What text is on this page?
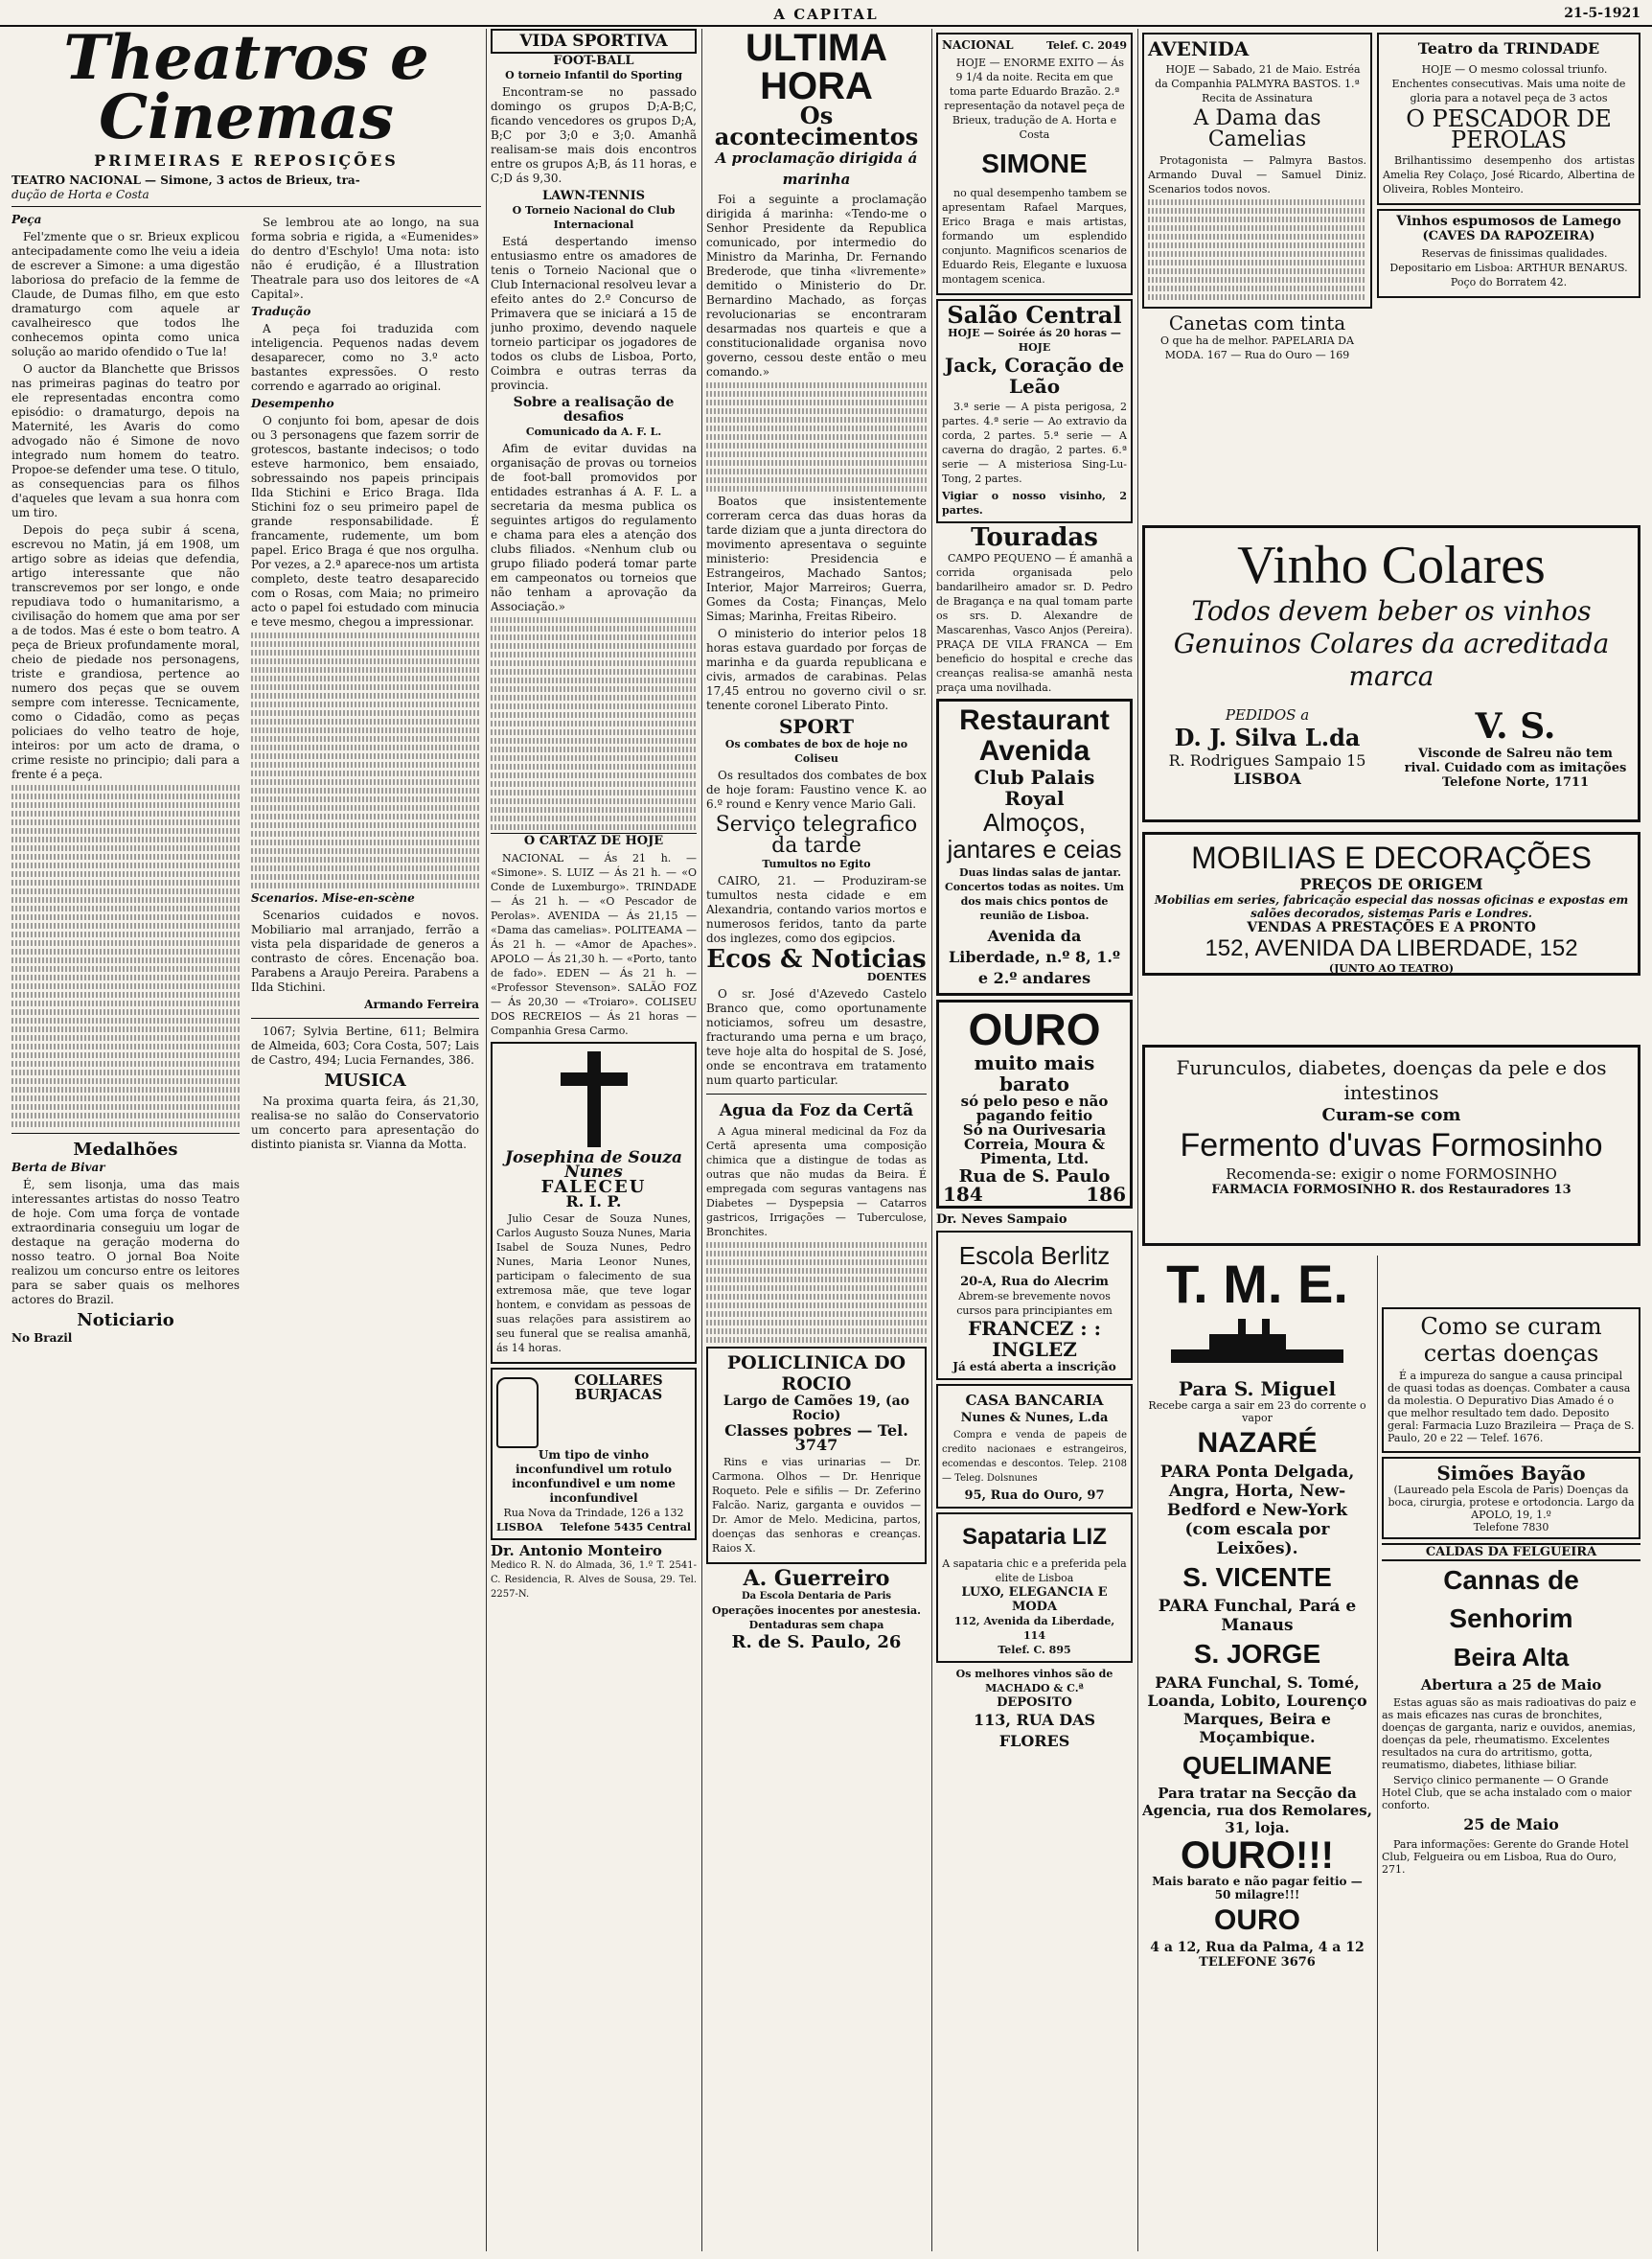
A CAPITAL	21-5-1921
Theatros e Cinemas
PRIMEIRAS E REPOSIÇÕES
TEATRO NACIONAL — Simone, 3 actos de Brieux, tra-
dução de Horta e Costa
Peça

Fel'zmente que o sr. Brieux explicou antecipadamente como lhe veiu a ideia de escrever a Simone: a uma digestão laboriosa do prefacio de la femme de Claude, de Dumas filho, em que esto dramaturgo com aquele ar cavalheiresco que todos lhe conhecemos opinta como unica solução ao marido ofendido o Tue la!

O auctor da Blanchette que Brissos nas primeiras paginas do teatro por ele representadas encontra como episódio: o dramaturgo, depois na Maternité, les Avaris do como advogado não é Simone de novo integrado num homem do teatro. Propoe-se defender uma tese. O titulo, as consequencias para os filhos d'aqueles que levam a sua honra com um tiro.

Depois do peça subir á scena, escrevou no Matin, já em 1908, um artigo sobre as ideias que defendia, artigo interessante que não transcrevemos por ser longo, e onde repudiava todo o humanitarismo, a civilisação do homem que ama por ser a de todos. Mas é este o bom teatro. A peça de Brieux profundamente moral, cheio de piedade nos personagens, triste e grandiosa, pertence ao numero dos peças que se ouvem sempre com interesse. Tecnicamente, como o Cidadão, como as peças policiaes do velho teatro de hoje, inteiros: por um acto de drama, o crime resiste no principio; dali para a frente é a peça.

Medalhões
Berta de Bivar

É, sem lisonja, uma das mais interessantes artistas do nosso Teatro de hoje. Com uma força de vontade extraordinaria conseguiu um logar de destaque na geração moderna do nosso teatro. O jornal Boa Noite realizou um concurso entre os leitores para se saber quais os melhores actores do Brazil.

Noticiario
No Brazil

Se lembrou ate ao longo, na sua forma sobria e rigida, a «Eumenides» do dentro d'Eschylo! Uma nota: isto não é erudição, é a Illustration Theatrale para uso dos leitores de «A Capital».

Tradução

A peça foi traduzida com inteligencia. Pequenos nadas devem desaparecer, como no 3.º acto bastantes expressões. O resto correndo e agarrado ao original.

Desempenho

O conjunto foi bom, apesar de dois ou 3 personagens que fazem sorrir de grotescos, bastante indecisos; o todo esteve harmonico, bem ensaiado, sobressaindo nos papeis principais Ilda Stichini e Erico Braga. Ilda Stichini foz o seu primeiro papel de grande responsabilidade. É francamente, rudemente, um bom papel. Erico Braga é que nos orgulha. Por vezes, a 2.ª aparece-nos um artista completo, deste teatro desaparecido com o Rosas, com Maia; no primeiro acto o papel foi estudado com minucia e teve mesmo, chegou a impressionar.

Scenarios. Mise-en-scène

Scenarios cuidados e novos. Mobiliario mal arranjado, ferrão a vista pela disparidade de generos a contrasto de côres. Encenação boa. Parabens a Araujo Pereira. Parabens a Ilda Stichini.

Armando Ferreira

1067; Sylvia Bertine, 611; Belmira de Almeida, 603; Cora Costa, 507; Lais de Castro, 494; Lucia Fernandes, 386.

MUSICA

Na proxima quarta feira, ás 21,30, realisa-se no salão do Conservatorio um concerto para apresentação do distinto pianista sr. Vianna da Motta.

VIDA SPORTIVA
FOOT-BALL
O torneio Infantil do Sporting

Encontram-se no passado domingo os grupos D;A-B;C, ficando vencedores os grupos D;A, B;C por 3;0 e 3;0. Amanhã realisam-se mais dois encontros entre os grupos A;B, ás 11 horas, e C;D ás 9,30.

LAWN-TENNIS
O Torneio Nacional do Club Internacional

Está despertando imenso entusiasmo entre os amadores de tenis o Torneio Nacional que o Club Internacional resolveu levar a efeito antes do 2.º Concurso de Primavera que se iniciará a 15 de junho proximo, devendo naquele torneio participar os jogadores de todos os clubs de Lisboa, Porto, Coimbra e outras terras da provincia.

Sobre a realisação de desafios
Comunicado da A. F. L.

Afim de evitar duvidas na organisação de provas ou torneios de foot-ball promovidos por entidades estranhas á A. F. L. a secretaria da mesma publica os seguintes artigos do regulamento e chama para eles a atenção dos clubs filiados. «Nenhum club ou grupo filiado poderá tomar parte em campeonatos ou torneios que não tenham a aprovação da Associação.»

O CARTAZ DE HOJE

NACIONAL — Ás 21 h. — «Simone». S. LUIZ — Ás 21 h. — «O Conde de Luxemburgo». TRINDADE — Ás 21 h. — «O Pescador de Perolas». AVENIDA — Ás 21,15 — «Dama das camelias». POLITEAMA — Ás 21 h. — «Amor de Apaches». APOLO — Ás 21,30 h. — «Porto, tanto de fado». EDEN — Ás 21 h. — «Professor Stevenson». SALÃO FOZ — Ás 20,30 — «Troiaro». COLISEU DOS RECREIOS — Ás 21 horas — Companhia Gresa Carmo.

Josephina de Souza Nunes
FALECEU
R. I. P.

Julio Cesar de Souza Nunes, Carlos Augusto Souza Nunes, Maria Isabel de Souza Nunes, Pedro Nunes, Maria Leonor Nunes, participam o falecimento de sua extremosa mãe, que teve logar hontem, e convidam as pessoas de suas relações para assistirem ao seu funeral que se realisa amanhã, ás 14 horas.

COLLARES BURJACAS
Um tipo de vinho inconfundivel um rotulo inconfundivel e um nome inconfundivel
Rua Nova da Trindade, 126 a 132
LISBOA Telefone 5435 Central
Dr. Antonio Monteiro
Medico R. N. do Almada, 36, 1.º T. 2541-C. Residencia, R. Alves de Sousa, 29. Tel. 2257-N.
ULTIMA HORA
Os acontecimentos
A proclamação dirigida á marinha

Foi a seguinte a proclamação dirigida á marinha: «Tendo-me o Senhor Presidente da Republica comunicado, por intermedio do Ministro da Marinha, Dr. Fernando Brederode, que tinha «livremente» demitido o Ministerio do Dr. Bernardino Machado, as forças revolucionarias se encontraram desarmadas nos quarteis e que a constitucionalidade organisa novo governo, cessou deste então o meu comando.»

Boatos que insistentemente correram cerca das duas horas da tarde diziam que a junta directora do movimento apresentava o seguinte ministerio: Presidencia e Estrangeiros, Machado Santos; Interior, Major Marreiros; Guerra, Gomes da Costa; Finanças, Melo Simas; Marinha, Freitas Ribeiro.

O ministerio do interior pelos 18 horas estava guardado por forças de marinha e da guarda republicana e civis, armados de carabinas. Pelas 17,45 entrou no governo civil o sr. tenente coronel Liberato Pinto.

SPORT
Os combates de box de hoje no Coliseu

Os resultados dos combates de box de hoje foram: Faustino vence K. ao 6.º round e Kenry vence Mario Gali.

Serviço telegrafico da tarde
Tumultos no Egito

CAIRO, 21. — Produziram-se tumultos nesta cidade e em Alexandria, contando varios mortos e numerosos feridos, tanto da parte dos inglezes, como dos egipcios.

Ecos & Noticias
DOENTES

O sr. José d'Azevedo Castelo Branco que, como oportunamente noticiamos, sofreu um desastre, fracturando uma perna e um braço, teve hoje alta do hospital de S. José, onde se encontrava em tratamento num quarto particular.

Agua da Foz da Certã

A Agua mineral medicinal da Foz da Certã apresenta uma composição chimica que a distingue de todas as outras que não mudas da Beira. É empregada com seguras vantagens nas Diabetes — Dyspepsia — Catarros gastricos, Irrigações — Tuberculose, Bronchites.

POLICLINICA DO ROCIO
Largo de Camões 19, (ao Rocio)
Classes pobres — Tel. 3747

Rins e vias urinarias — Dr. Carmona. Olhos — Dr. Henrique Roqueto. Pele e sifilis — Dr. Zeferino Falcão. Nariz, garganta e ouvidos — Dr. Amor de Melo. Medicina, partos, doenças das senhoras e creanças. Raios X.

A. Guerreiro
Da Escola Dentaria de Paris
Operações inocentes por anestesia. Dentaduras sem chapa
R. de S. Paulo, 26
NACIONAL	Telef. C. 2049

HOJE — ENORME EXITO — Ás 9 1/4 da noite. Recita em que toma parte Eduardo Brazão. 2.ª representação da notavel peça de Brieux, tradução de A. Horta e Costa

SIMONE

no qual desempenho tambem se apresentam Rafael Marques, Erico Braga e mais artistas, formando um esplendido conjunto. Magnificos scenarios de Eduardo Reis, Elegante e luxuosa montagem scenica.

Salão Central
HOJE — Soirée ás 20 horas — HOJE
Jack, Coração de Leão

3.ª serie — A pista perigosa, 2 partes. 4.ª serie — Ao extravio da corda, 2 partes. 5.ª serie — A caverna do dragão, 2 partes. 6.ª serie — A misteriosa Sing-Lu-Tong, 2 partes.

Vigiar o nosso visinho, 2 partes.
Touradas

CAMPO PEQUENO — É amanhã a corrida organisada pelo bandarilheiro amador sr. D. Pedro de Bragança e na qual tomam parte os srs. D. Alexandre de Mascarenhas, Vasco Anjos (Pereira). PRAÇA DE VILA FRANCA — Em beneficio do hospital e creche das creanças realisa-se amanhã nesta praça uma novilhada.

Restaurant Avenida
Club Palais Royal
Almoços, jantares e ceias

Duas lindas salas de jantar. Concertos todas as noites. Um dos mais chics pontos de reunião de Lisboa.

Avenida da Liberdade, n.º 8, 1.º e 2.º andares
OURO
muito mais barato
só pelo peso e não pagando feitio
Só na Ourivesaria Correia, Moura & Pimenta, Ltd.
Rua de S. Paulo
184	186
Dr. Neves Sampaio
Escola Berlitz
20-A, Rua do Alecrim
Abrem-se brevemente novos cursos para principiantes em
FRANCEZ : : INGLEZ
Já está aberta a inscrição
CASA BANCARIA
Nunes & Nunes, L.da

Compra e venda de papeis de credito nacionaes e estrangeiros, ecomendas e descontos. Telep. 2108 — Teleg. Dolsnunes

95, Rua do Ouro, 97
Sapataria LIZ
A sapataria chic e a preferida pela elite de Lisboa
LUXO, ELEGANCIA E MODA
112, Avenida da Liberdade, 114
Telef. C. 895
Os melhores vinhos são de MACHADO & C.ª
DEPOSITO
113, RUA DAS FLORES
AVENIDA

HOJE — Sabado, 21 de Maio. Estréa da Companhia PALMYRA BASTOS. 1.ª Recita de Assinatura

A Dama das Camelias

Protagonista — Palmyra Bastos. Armando Duval — Samuel Diniz. Scenarios todos novos.

Canetas com tinta
O que ha de melhor. PAPELARIA DA MODA. 167 — Rua do Ouro — 169
Teatro da TRINDADE

HOJE — O mesmo colossal triunfo. Enchentes consecutivas. Mais uma noite de gloria para a notavel peça de 3 actos

O PESCADOR DE PEROLAS

Brilhantissimo desempenho dos artistas Amelia Rey Colaço, José Ricardo, Albertina de Oliveira, Robles Monteiro.

Vinhos espumosos de Lamego
(CAVES DA RAPOZEIRA)

Reservas de finissimas qualidades. Depositario em Lisboa: ARTHUR BENARUS. Poço do Borratem 42.

Vinho Colares
Todos devem beber os vinhos Genuinos Colares da acreditada marca
PEDIDOS a
D. J. Silva L.da
R. Rodrigues Sampaio 15
LISBOA
V. S.
Visconde de Salreu não tem rival. Cuidado com as imitações
Telefone Norte, 1711
MOBILIAS E DECORAÇÕES
PREÇOS DE ORIGEM
Mobilias em series, fabricação especial das nossas oficinas e expostas em salões decorados, sistemas Paris e Londres.
VENDAS A PRESTAÇÕES E A PRONTO
152, AVENIDA DA LIBERDADE, 152
(JUNTO AO TEATRO)
Furunculos, diabetes, doenças da pele e dos intestinos
Curam-se com
Fermento d'uvas Formosinho
Recomenda-se: exigir o nome FORMOSINHO
FARMACIA FORMOSINHO R. dos Restauradores 13
T. M. E.
Para S. Miguel
Recebe carga a sair em 23 do corrente o vapor
NAZARÉ
PARA Ponta Delgada, Angra, Horta, New-Bedford e New-York (com escala por Leixões).
S. VICENTE
PARA Funchal, Pará e Manaus
S. JORGE
PARA Funchal, S. Tomé, Loanda, Lobito, Lourenço Marques, Beira e Moçambique.
QUELIMANE
Para tratar na Secção da Agencia, rua dos Remolares, 31, loja.
OURO!!!
Mais barato e não pagar feitio — 50 milagre!!!
OURO
4 a 12, Rua da Palma, 4 a 12
TELEFONE 3676
Como se curam certas doenças

É a impureza do sangue a causa principal de quasi todas as doenças. Combater a causa da molestia. O Depurativo Dias Amado é o que melhor resultado tem dado. Deposito geral: Farmacia Luzo Brazileira — Praça de S. Paulo, 20 e 22 — Telef. 1676.

Simões Bayão
(Laureado pela Escola de Paris) Doenças da boca, cirurgia, protese e ortodoncia. Largo da APOLO, 19, 1.º
Telefone 7830
CALDAS DA FELGUEIRA
Cannas de Senhorim
Beira Alta
Abertura a 25 de Maio

Estas aguas são as mais radioativas do paiz e as mais eficazes nas curas de bronchites, doenças de garganta, nariz e ouvidos, anemias, doenças da pele, rheumatismo. Excelentes resultados na cura do artritismo, gotta, reumatismo, diabetes, lithiase biliar.

Serviço clinico permanente — O Grande Hotel Club, que se acha instalado com o maior conforto.

25 de Maio

Para informações: Gerente do Grande Hotel Club, Felgueira ou em Lisboa, Rua do Ouro, 271.
